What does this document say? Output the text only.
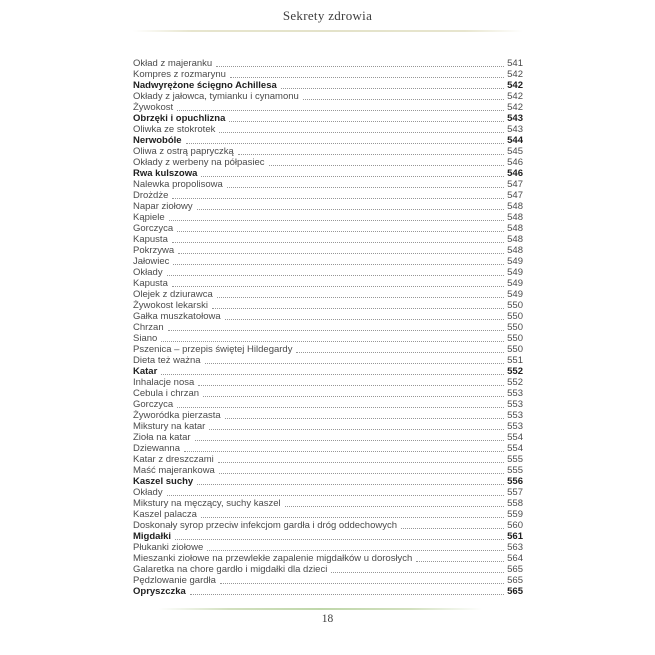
Sekrety zdrowia
Okład z majeranku	541
Kompres z rozmarynu	542
Nadwyrężone ścięgno Achillesa	542
Okłady z jałowca, tymianku i cynamonu	542
Żywokost	542
Obrzęki i opuchlizna	543
Oliwka ze stokrotek	543
Nerwobóle	544
Oliwa z ostrą papryczką	545
Okłady z werbeny na półpasiec	546
Rwa kulszowa	546
Nalewka propolisowa	547
Drożdże	547
Napar ziołowy	548
Kąpiele	548
Gorczyca	548
Kapusta	548
Pokrzywa	548
Jałowiec	549
Okłady	549
Kapusta	549
Olejek z dziurawca	549
Żywokost lekarski	550
Gałka muszkatołowa	550
Chrzan	550
Siano	550
Pszenica – przepis świętej Hildegardy	550
Dieta też ważna	551
Katar	552
Inhalacje nosa	552
Cebula i chrzan	553
Gorczyca	553
Żyworódka pierzasta	553
Mikstury na katar	553
Zioła na katar	554
Dziewanna	554
Katar z dreszczami	555
Maść majerankowa	555
Kaszel suchy	556
Okłady	557
Mikstury na męczący, suchy kaszel	558
Kaszel palacza	559
Doskonały syrop przeciw infekcjom gardła i dróg oddechowych	560
Migdałki	561
Płukanki ziołowe	563
Mieszanki ziołowe na przewlekłe zapalenie migdałków u dorosłych	564
Galaretka na chore gardło i migdałki dla dzieci	565
Pędzlowanie gardła	565
Opryszczka	565
18
